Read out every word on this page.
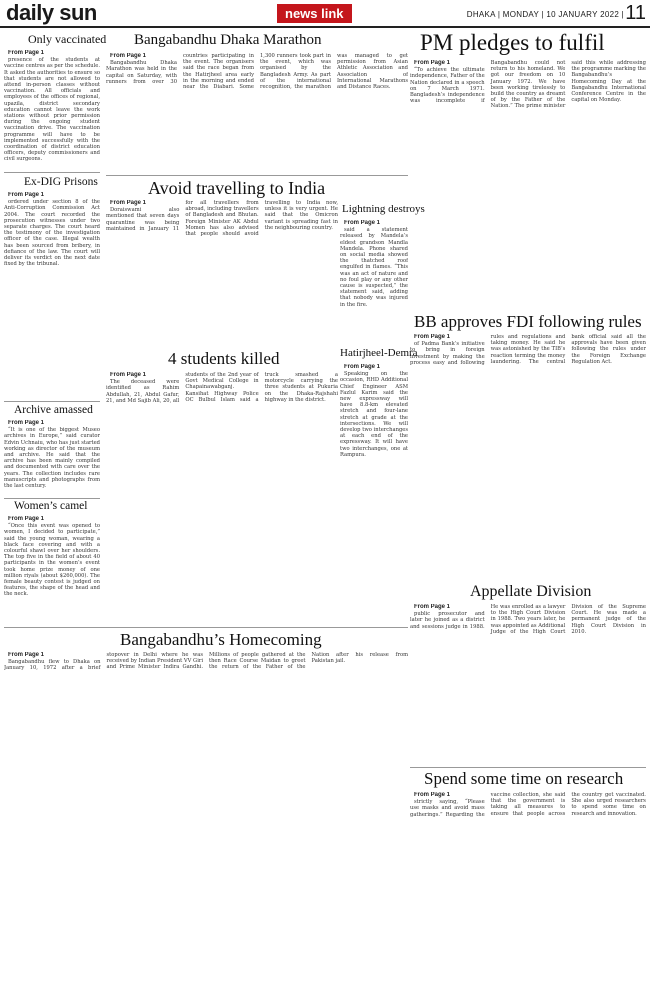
daily sun	news link	DHAKA | MONDAY | 10 JANUARY 2022 | 11
Only vaccinated

From Page 1

presence of the students at vaccine centres as per the schedule. It asked the authorities to ensure so that students are not allowed to attend in-person classes without vaccination. All officials and employees of the offices of regional, upazila, district secondary education cannot leave the work stations without prior permission during the ongoing student vaccination drive. The vaccination programme will have to be implemented successfully with the coordination of district education officers, deputy commissioners and civil surgeons.

Ex-DIG Prisons

From Page 1

ordered under section 8 of the Anti-Corruption Commission Act 2004. The court recorded the prosecution witnesses under two separate charges. The court heard the testimony of the investigation officer of the case. Illegal wealth has been sourced from bribery, in defiance of the law. The court will deliver its verdict on the next date fixed by the tribunal.

Archive amassed

From Page 1

“It is one of the biggest Museo archives in Europe,” said curator Edvin Uchnaiu, who has just started working as director of the museum and archive. He said that the archive has been mainly compiled and documented with care over the years. The collection includes rare manuscripts and photographs from the last century.

Women’s camel

From Page 1

“Once this event was opened to women, I decided to participate,” said the young woman, wearing a black face covering and with a colourful shawl over her shoulders. The top five in the field of about 40 participants in the women’s event took home prize money of one million riyals (about $260,000). The female beauty contest is judged on features, the shape of the head and the neck.

Bangabandhu Dhaka Marathon

From Page 1

Bangabandhu Dhaka Marathon was held in the capital on Saturday, with runners from over 30 countries participating in the event. The organisers said the race began from the Hatirjheel area early in the morning and ended near the Diabari. Some 1,300 runners took part in the event, which was organised by the Bangladesh Army. As part of the international recognition, the marathon was managed to get permission from Asian Athletic Association and Association of International Marathons and Distance Races.

PM pledges to fulfil

From Page 1

“To achieve the ultimate independence, Father of the Nation declared in a speech on 7 March 1971. Bangladesh’s independence was incomplete if Bangabandhu could not return to his homeland. We got our freedom on 10 January 1972. We have been working tirelessly to build the country as dreamt of by the Father of the Nation.” The prime minister said this while addressing the programme marking the Bangabandhu’s Homecoming Day at the Bangabandhu International Conference Centre in the capital on Monday.

Avoid travelling to India

From Page 1

Doraiswami also mentioned that seven days quarantine was being maintained in January 11 for all travellers from abroad, including travellers of Bangladesh and Bhutan. Foreign Minister AK Abdul Momen has also advised that people should avoid travelling to India now, unless it is very urgent. He said that the Omicron variant is spreading fast in the neighbouring country.

Lightning destroys

From Page 1

said a statement released by Mandela’s eldest grandson Mandla Mandela. Phone shared on social media showed the thatched roof engulfed in flames. “This was an act of nature and no foul play or any other cause is suspected,” the statement said, adding that nobody was injured in the fire.

Hatirjheel-Demra

From Page 1

Speaking on the occasion, RHD Additional Chief Engineer ASM Fazlul Karim said the new expressway will have 8.8-km elevated stretch and four-lane stretch at grade at the intersections. We will develop two interchanges at each end of the expressway. It will have two interchanges, one at Rampura.

BB approves FDI following rules

From Page 1

of Padma Bank’s initiative to bring in foreign investment by making the process easy and following rules and regulations and taking money. He said he was astonished by the TIB’s reaction terming the money laundering. The central bank official said all the approvals have been given following the rules under the Foreign Exchange Regulation Act.

4 students killed

From Page 1

The deceased were identified as Rahim Abdullah, 21, Abdul Gafur, 21, and Md Sajib Ali, 20, all students of the 2nd year of Govt Medical College in Chapainawabganj. Kansihat Highway Police OC Bulbul Islam said a truck smashed a motorcycle carrying the three students at Pukuria on the Dhaka-Rajshahi highway in the district.

Appellate Division

From Page 1

public prosecutor and later he joined as a district and sessions judge in 1988. He was enrolled as a lawyer to the High Court Division in 1988. Two years later, he was appointed as Additional Judge of the High Court Division of the Supreme Court. He was made a permanent judge of the High Court Division in 2010.

Bangabandhu’s Homecoming

From Page 1

Bangabandhu flew to Dhaka on January 10, 1972 after a brief stopover in Delhi where he was received by Indian President VV Giri and Prime Minister Indira Gandhi. Millions of people gathered at the then Race Course Maidan to greet the return of the Father of the Nation after his release from Pakistan jail.

Spend some time on research

From Page 1

strictly saying, “Please use masks and avoid mass gatherings.” Regarding the vaccine collection, she said that the government is taking all measures to ensure that people across the country get vaccinated. She also urged researchers to spend some time on research and innovation.
